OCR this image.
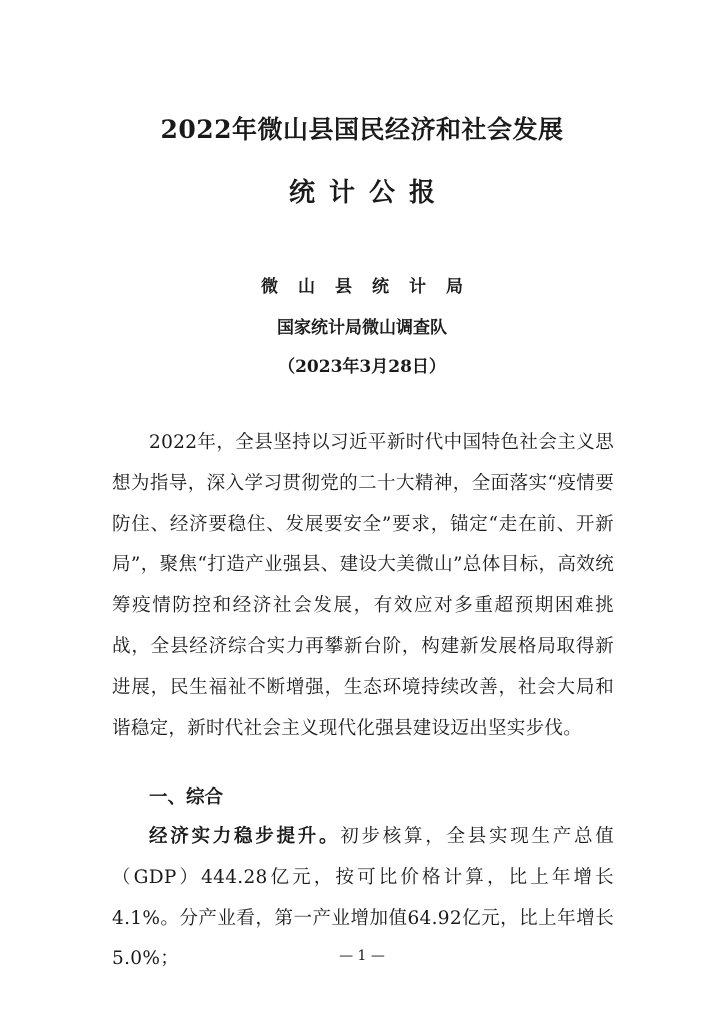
2022年微山县国民经济和社会发展
统计公报
微山县统计局
国家统计局微山调查队
（2023年3月28日）

2022年，全县坚持以习近平新时代中国特色社会主义思想为指导，深入学习贯彻党的二十大精神，全面落实“疫情要防住、经济要稳住、发展要安全”要求，锚定“走在前、开新局”，聚焦“打造产业强县、建设大美微山”总体目标，高效统筹疫情防控和经济社会发展，有效应对多重超预期困难挑战，全县经济综合实力再攀新台阶，构建新发展格局取得新进展，民生福祉不断增强，生态环境持续改善，社会大局和谐稳定，新时代社会主义现代化强县建设迈出坚实步伐。

一、综合

经济实力稳步提升。初步核算，全县实现生产总值（GDP）444.28亿元，按可比价格计算，比上年增长4.1%。分产业看，第一产业增加值64.92亿元，比上年增长5.0%；	— 1 —
